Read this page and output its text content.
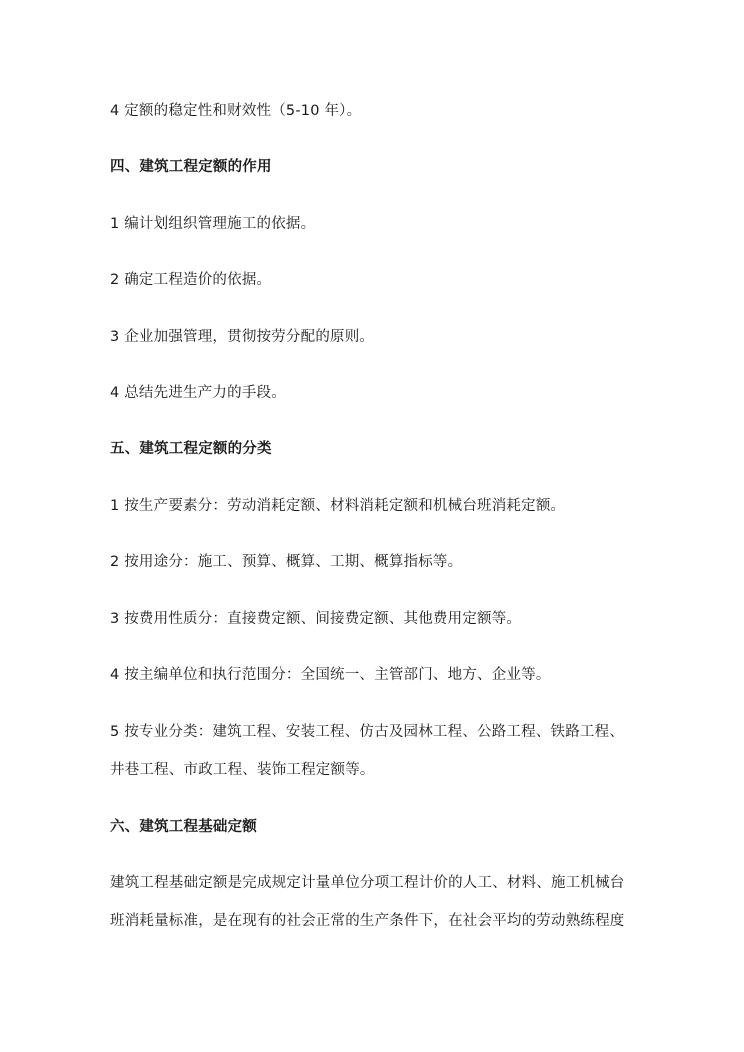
4 定额的稳定性和财效性（5-10 年）。
四、建筑工程定额的作用
1 编计划组织管理施工的依据。
2 确定工程造价的依据。
3 企业加强管理，贯彻按劳分配的原则。
4 总结先进生产力的手段。
五、建筑工程定额的分类
1 按生产要素分：劳动消耗定额、材料消耗定额和机械台班消耗定额。
2 按用途分：施工、预算、概算、工期、概算指标等。
3 按费用性质分：直接费定额、间接费定额、其他费用定额等。
4 按主编单位和执行范围分：全国统一、主管部门、地方、企业等。
5 按专业分类：建筑工程、安装工程、仿古及园林工程、公路工程、铁路工程、
井巷工程、市政工程、装饰工程定额等。
六、建筑工程基础定额
建筑工程基础定额是完成规定计量单位分项工程计价的人工、材料、施工机械台
班消耗量标准，是在现有的社会正常的生产条件下，在社会平均的劳动熟练程度
